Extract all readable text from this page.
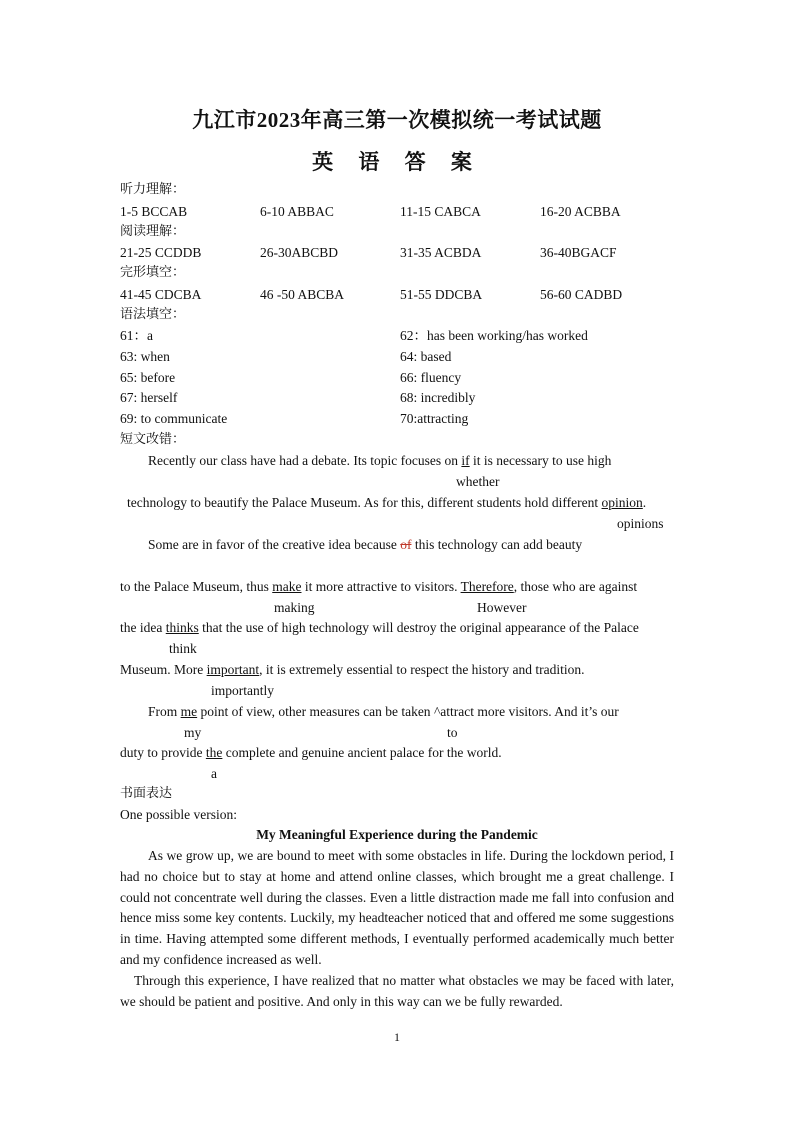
九江市2023年高三第一次模拟统一考试试题
英 语 答 案
听力理解：
1-5 BCCAB	6-10 ABBAC	11-15 CABCA	16-20 ACBBA
阅读理解：
21-25 CCDDB	26-30ABCBD	31-35 ACBDA	36-40BGACF
完形填空：
41-45 CDCBA	46 -50 ABCBA	51-55 DDCBA	56-60 CADBD
语法填空：
61：a	62：has been working/has worked
63: when	64: based
65: before	66: fluency
67: herself	68: incredibly
69: to communicate	70:attracting
短文改错：
Recently our class have had a debate. Its topic focuses on if it is necessary to use high
whether
technology to beautify the Palace Museum. As for this, different students hold different opinion.
opinions
Some are in favor of the creative idea because of this technology can add beauty
to the Palace Museum, thus make it more attractive to visitors. Therefore, those who are against
making	However
the idea thinks that the use of high technology will destroy the original appearance of the Palace
think
Museum. More important, it is extremely essential to respect the history and tradition.
importantly
From me point of view, other measures can be taken ^attract more visitors. And it’s our
my	to
duty to provide the complete and genuine ancient palace for the world.
a
书面表达
One possible version:
My Meaningful Experience during the Pandemic
As we grow up, we are bound to meet with some obstacles in life. During the lockdown period, I had no choice but to stay at home and attend online classes, which brought me a great challenge. I could not concentrate well during the classes. Even a little distraction made me fall into confusion and hence miss some key contents. Luckily, my headteacher noticed that and offered me some suggestions in time. Having attempted some different methods, I eventually performed academically much better and my confidence increased as well.
Through this experience, I have realized that no matter what obstacles we may be faced with later, we should be patient and positive. And only in this way can we be fully rewarded.
1
